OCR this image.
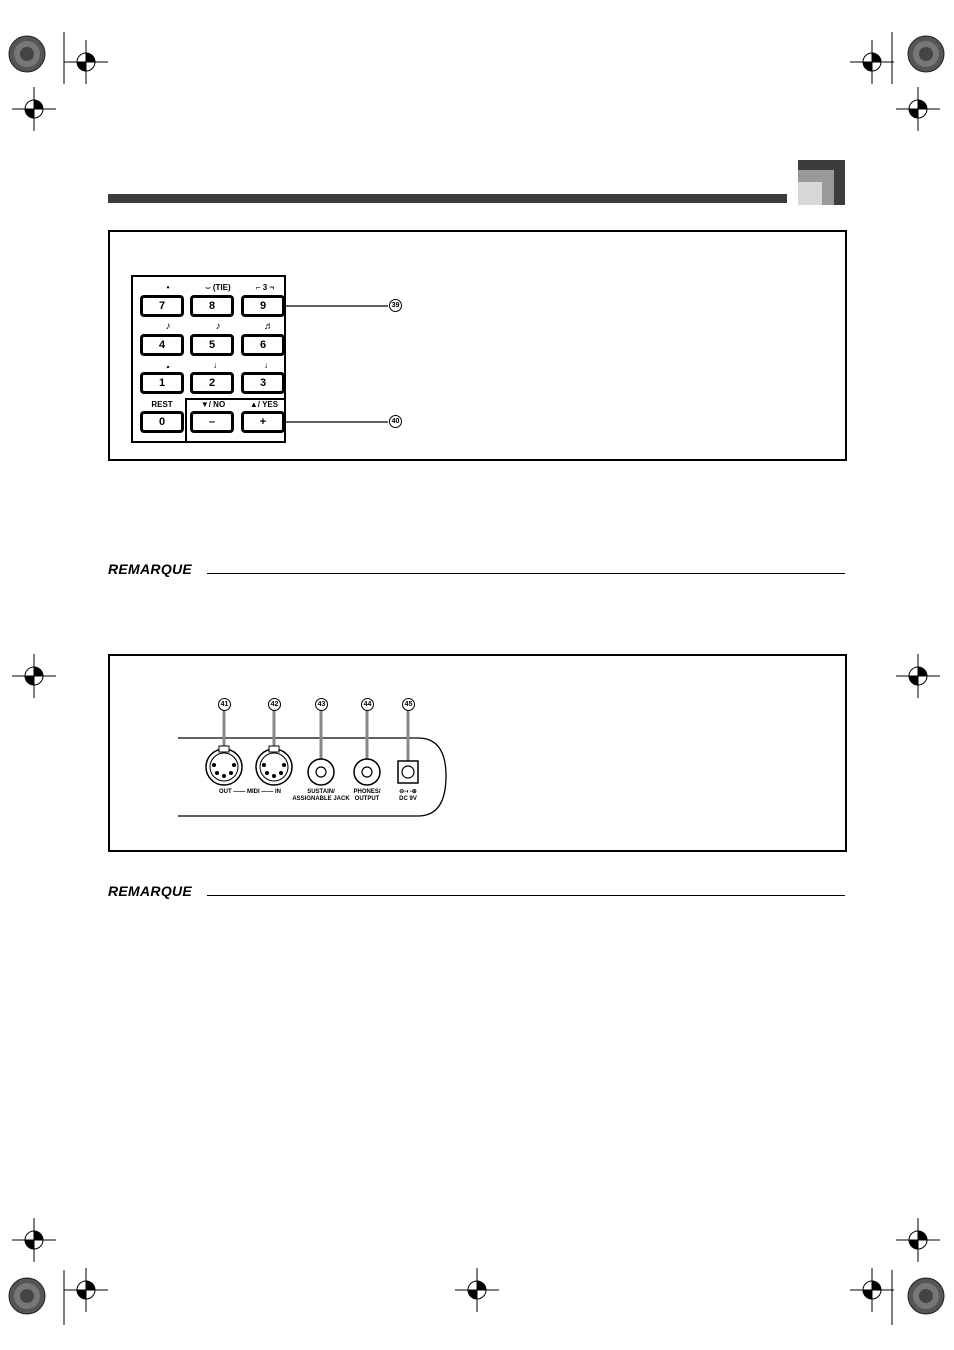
•	⌣ (TIE)	⌐ 3 ¬
7	8	9
♪	♪	♬
4	5	6
𝅗	♩	♩
1	2	3
REST	▼/ NO	▲/ YES
0	–	+
39
40
REMARQUE
41	42	43	44	45
OUT —— MIDI —— IN	SUSTAIN/
ASSIGNABLE JACK
PHONES/
OUTPUT
⊖-◐-⊕
DC 9V
REMARQUE
